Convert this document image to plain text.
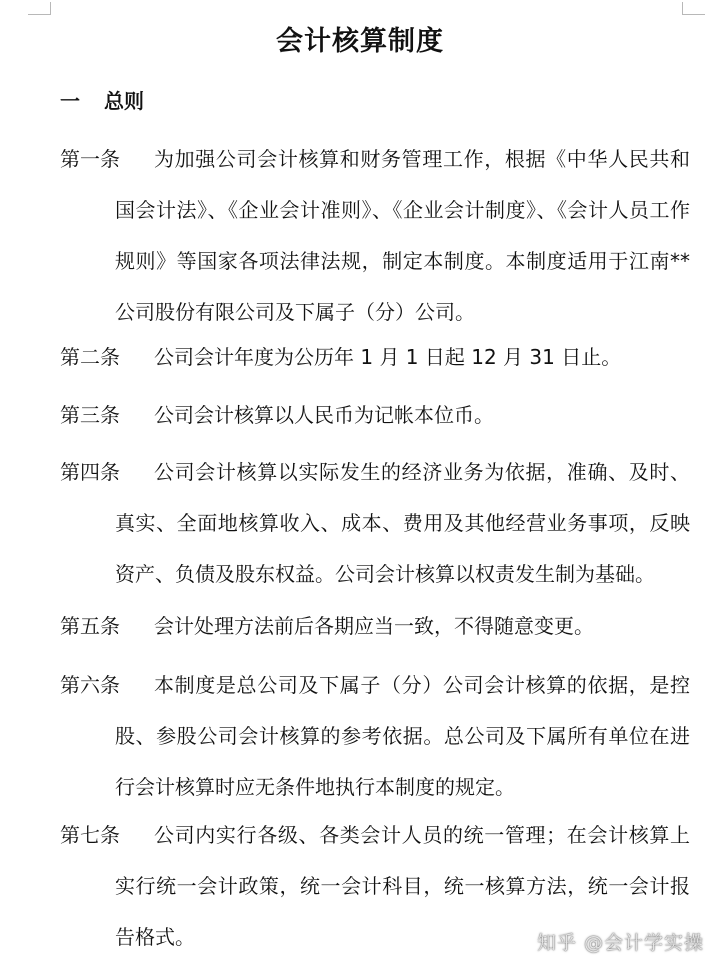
会计核算制度
一 总则
第一条	为加强公司会计核算和财务管理工作，根据《中华人民共和国会计法》、《企业会计准则》、《企业会计制度》、《会计人员工作规则》等国家各项法律法规，制定本制度。本制度适用于江南**公司股份有限公司及下属子（分）公司。
第二条	公司会计年度为公历年 1 月 1 日起 12 月 31 日止。
第三条	公司会计核算以人民币为记帐本位币。
第四条	公司会计核算以实际发生的经济业务为依据，准确、及时、真实、全面地核算收入、成本、费用及其他经营业务事项，反映资产、负债及股东权益。公司会计核算以权责发生制为基础。
第五条	会计处理方法前后各期应当一致，不得随意变更。
第六条	本制度是总公司及下属子（分）公司会计核算的依据，是控股、参股公司会计核算的参考依据。总公司及下属所有单位在进行会计核算时应无条件地执行本制度的规定。
第七条	公司内实行各级、各类会计人员的统一管理；在会计核算上实行统一会计政策，统一会计科目，统一核算方法，统一会计报告格式。	知乎 @会计学实操
